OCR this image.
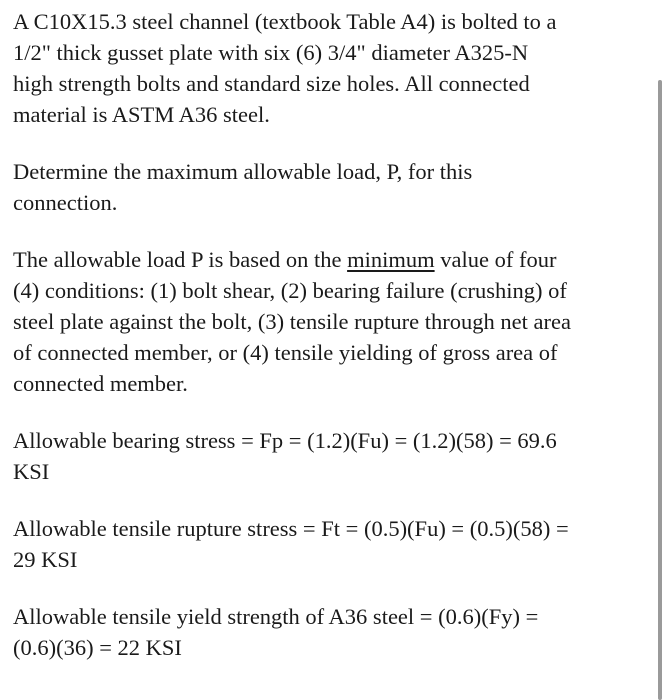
A C10X15.3 steel channel (textbook Table A4) is bolted to a
1/2" thick gusset plate with six (6) 3/4" diameter A325-N
high strength bolts and standard size holes. All connected
material is ASTM A36 steel.

Determine the maximum allowable load, P, for this
connection.

The allowable load P is based on the minimum value of four
(4) conditions: (1) bolt shear, (2) bearing failure (crushing) of
steel plate against the bolt, (3) tensile rupture through net area
of connected member, or (4) tensile yielding of gross area of
connected member.

Allowable bearing stress = Fp = (1.2)(Fu) = (1.2)(58) = 69.6
KSI

Allowable tensile rupture stress = Ft = (0.5)(Fu) = (0.5)(58) =
29 KSI

Allowable tensile yield strength of A36 steel = (0.6)(Fy) =
(0.6)(36) = 22 KSI
